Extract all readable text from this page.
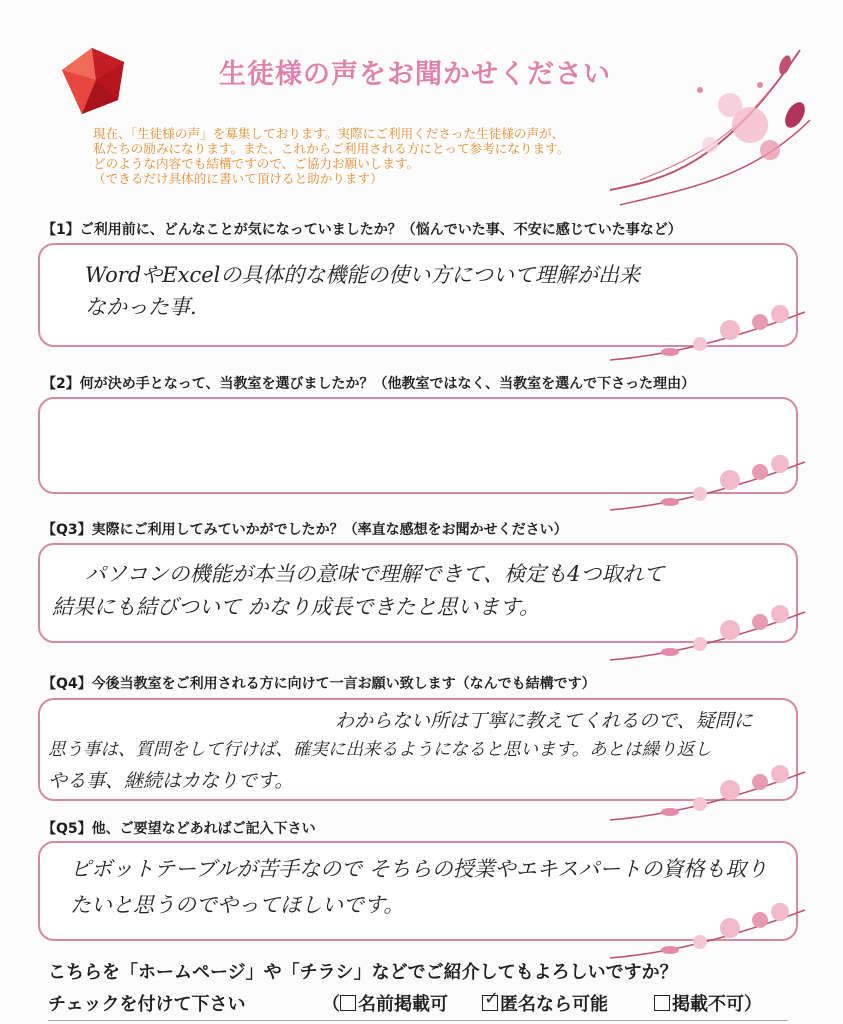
生徒様の声をお聞かせください
現在、「生徒様の声」を募集しております。実際にご利用くださった生徒様の声が、
私たちの励みになります。また、これからご利用される方にとって参考になります。
どのような内容でも結構ですので、ご協力お願いします。
（できるだけ具体的に書いて頂けると助かります）
【1】ご利用前に、どんなことが気になっていましたか？（悩んでいた事、不安に感じていた事など）
WordやExcelの具体的な機能の使い方について理解が出来
なかった事.
【2】何が決め手となって、当教室を選びましたか？（他教室ではなく、当教室を選んで下さった理由）
【Q3】実際にご利用してみていかがでしたか？（率直な感想をお聞かせください）
パソコンの機能が本当の意味で理解できて、検定も4つ取れて
結果にも結びついて かなり成長できたと思います。
【Q4】今後当教室をご利用される方に向けて一言お願い致します（なんでも結構です）
わからない所は丁寧に教えてくれるので、疑問に
思う事は、質問をして行けば、確実に出来るようになると思います。あとは繰り返し
やる事、継続はカなりです。
【Q5】他、ご要望などあればご記入下さい
ピボットテーブルが苦手なので そちらの授業やエキスパートの資格も取り
たいと思うのでやってほしいです。
こちらを「ホームページ」や「チラシ」などでご紹介してもよろしいですか？
チェックを付けて下さい	（ 名前掲載可 ✓ 匿名なら可能	掲載不可）
